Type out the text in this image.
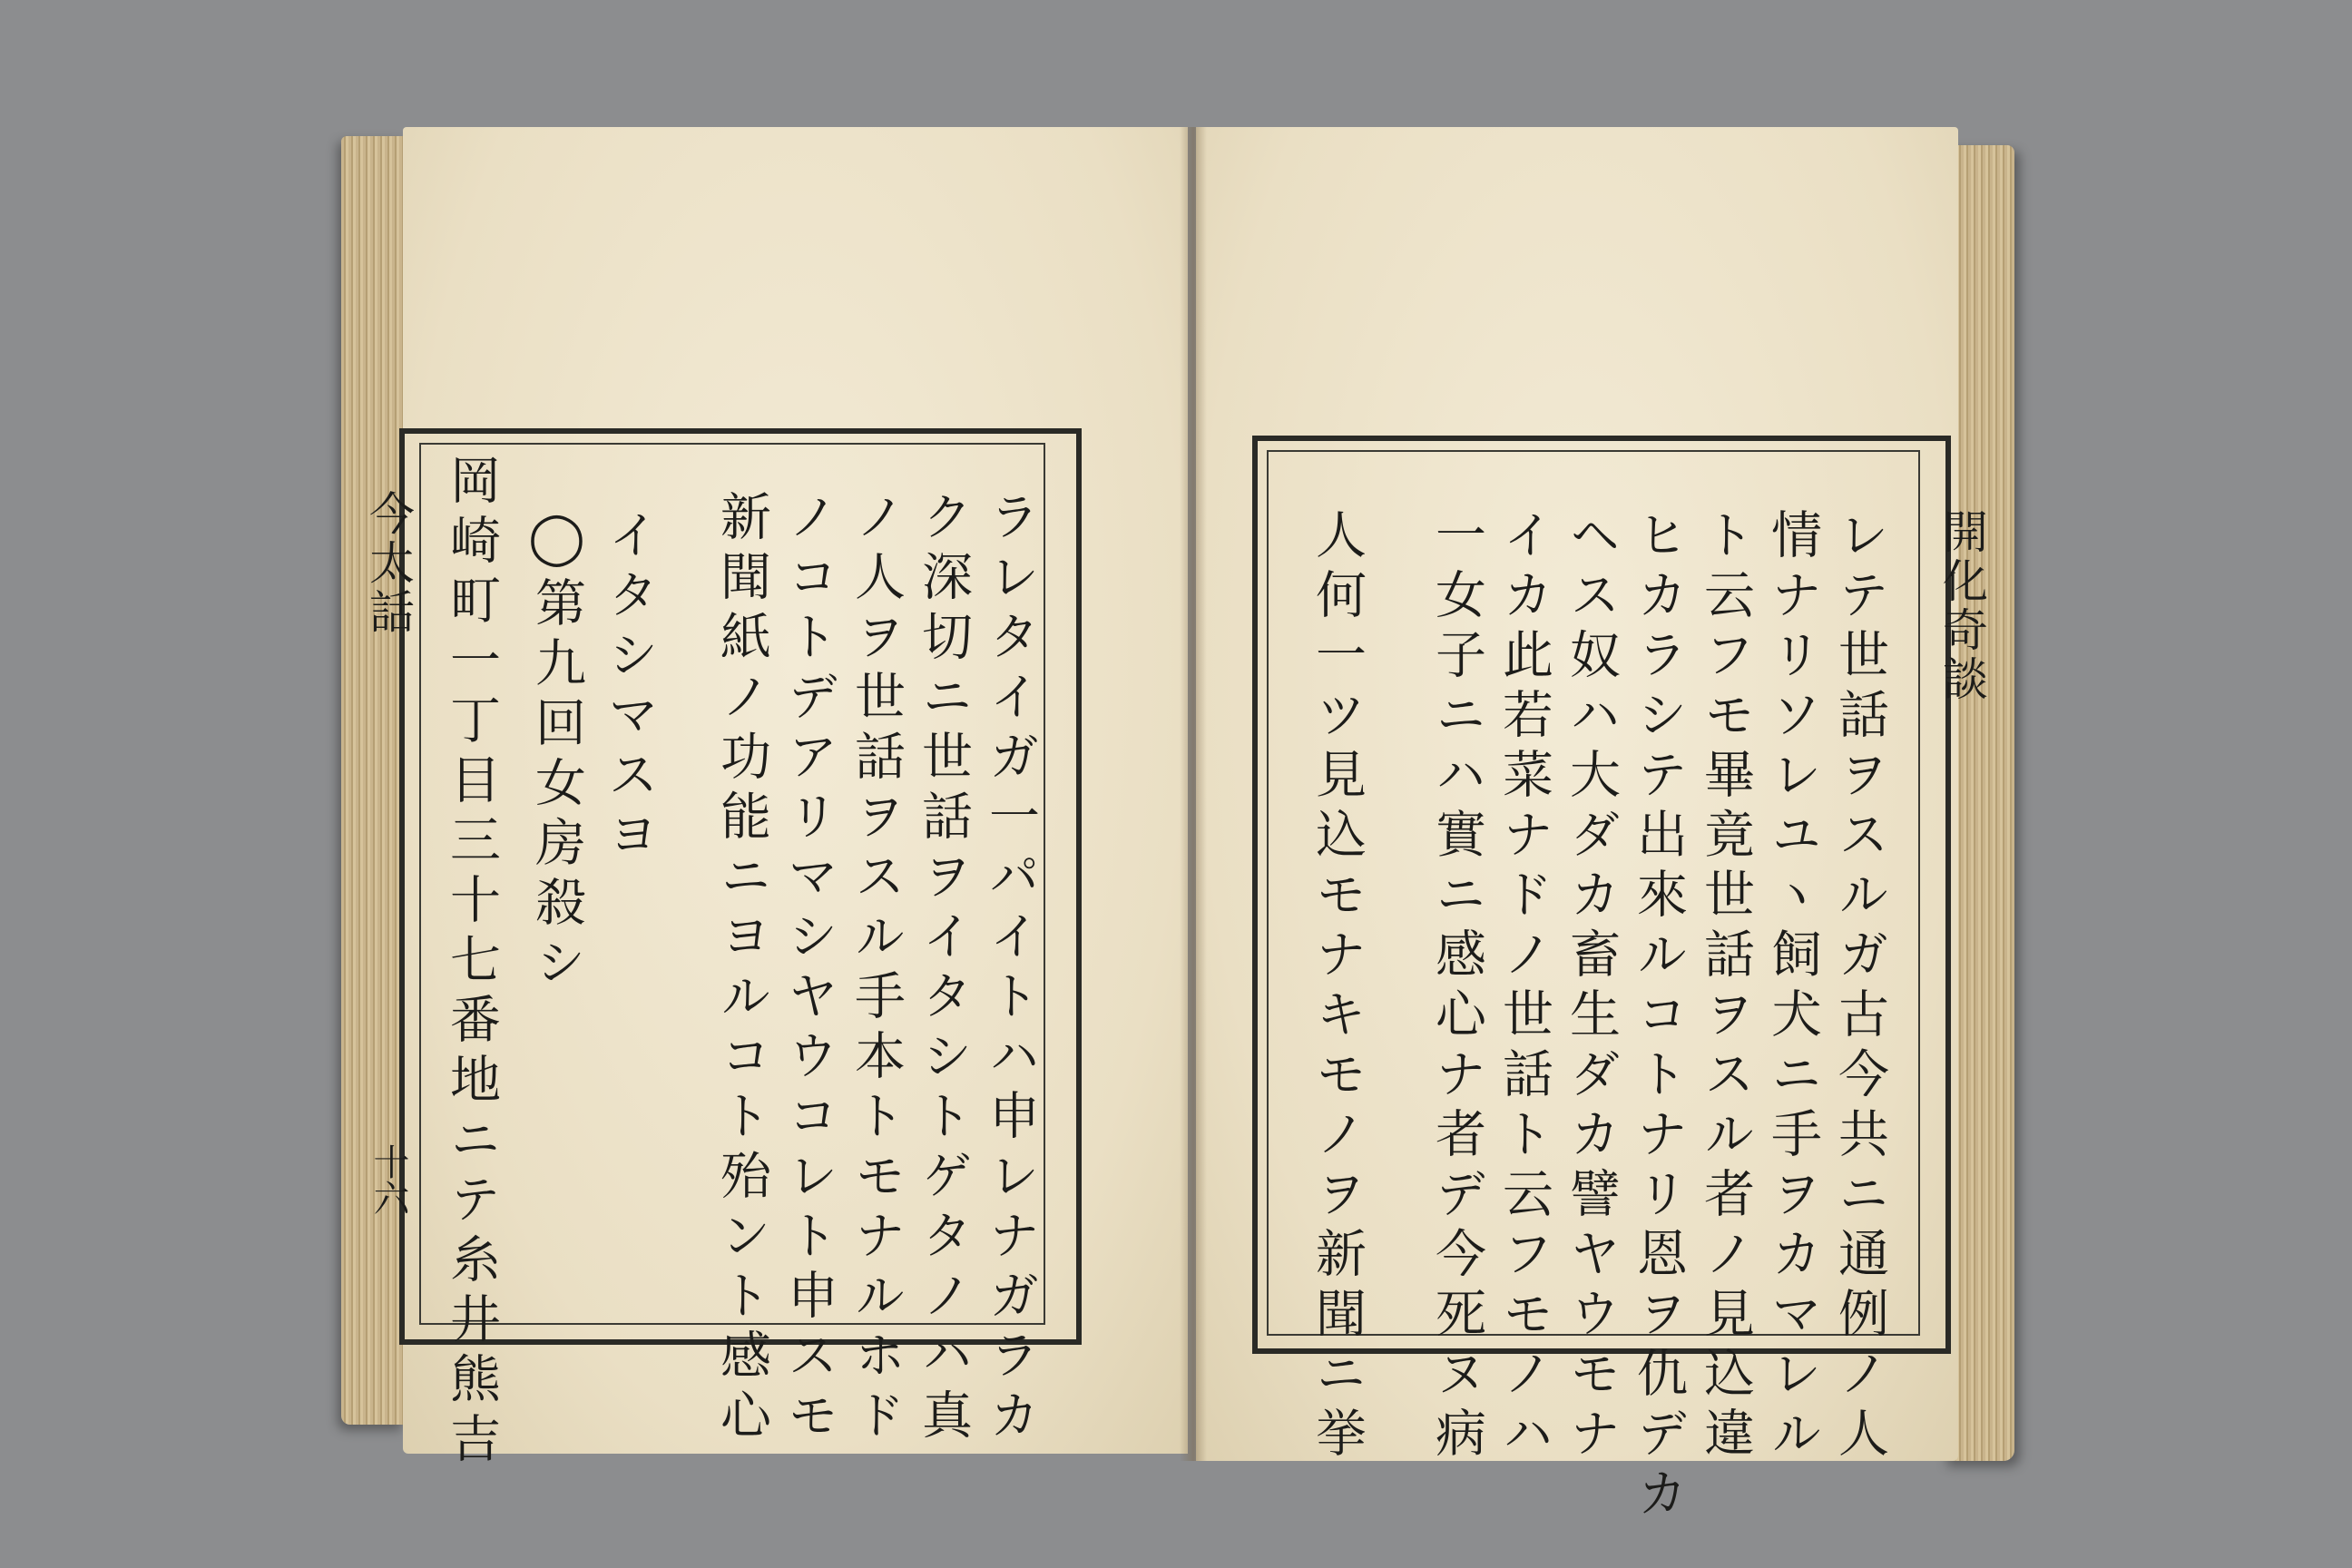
今太話
十六	ラレタイガ一パイトハ申レナガラカ
ク深切ニ世話ヲイタシトゲタノハ真
ノ人ヲ世話ヲスル手本トモナルホド
ノコトデアリマシヤウコレト申スモ
新聞紙ノ功能ニヨルコト殆ント感心
イタシマスヨ
◯第九回女房殺シ
岡崎町一丁目三十七番地ニテ糸井熊吉	開化奇談
レテ世話ヲスルガ古今共ニ通例ノ人
情ナリソレユヽ飼犬ニ手ヲカマレル
ト云フモ畢竟世話ヲスル者ノ見込違
ヒカラシテ出來ルコトナリ恩ヲ仇デカ
ヘス奴ハ大ダカ畜生ダカ譬ヤウモナ
イカ此若菜ナドノ世話ト云フモノハ
一女子ニハ實ニ感心ナ者デ今死ヌ病
人何一ツ見込モナキモノヲ新聞ニ挙
